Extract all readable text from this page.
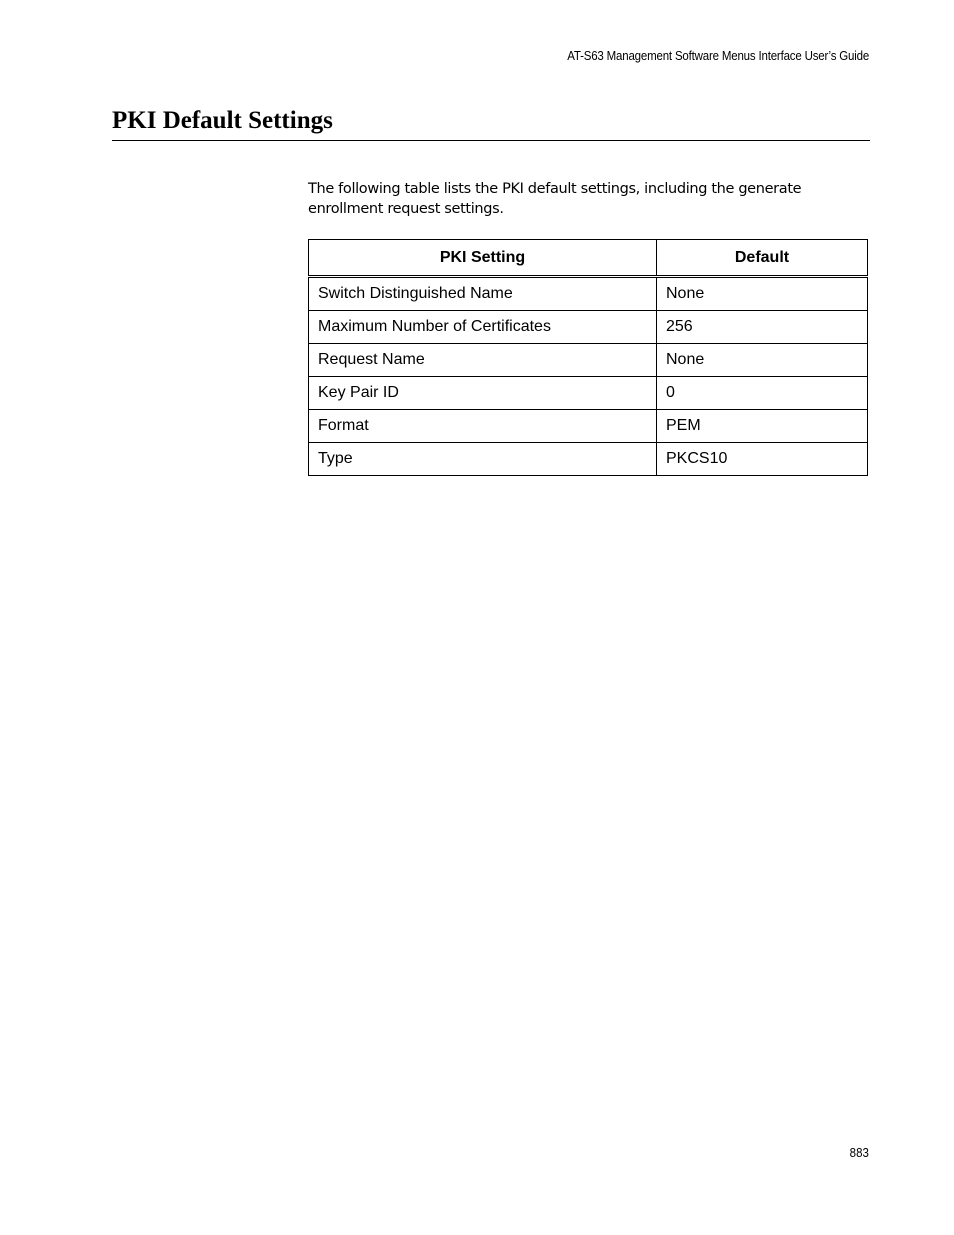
AT-S63 Management Software Menus Interface User’s Guide
PKI Default Settings

The following table lists the PKI default settings, including the generate enrollment request settings.

PKI Setting	Default
Switch Distinguished Name	None
Maximum Number of Certificates	256
Request Name	None
Key Pair ID	0
Format	PEM
Type	PKCS10
883
